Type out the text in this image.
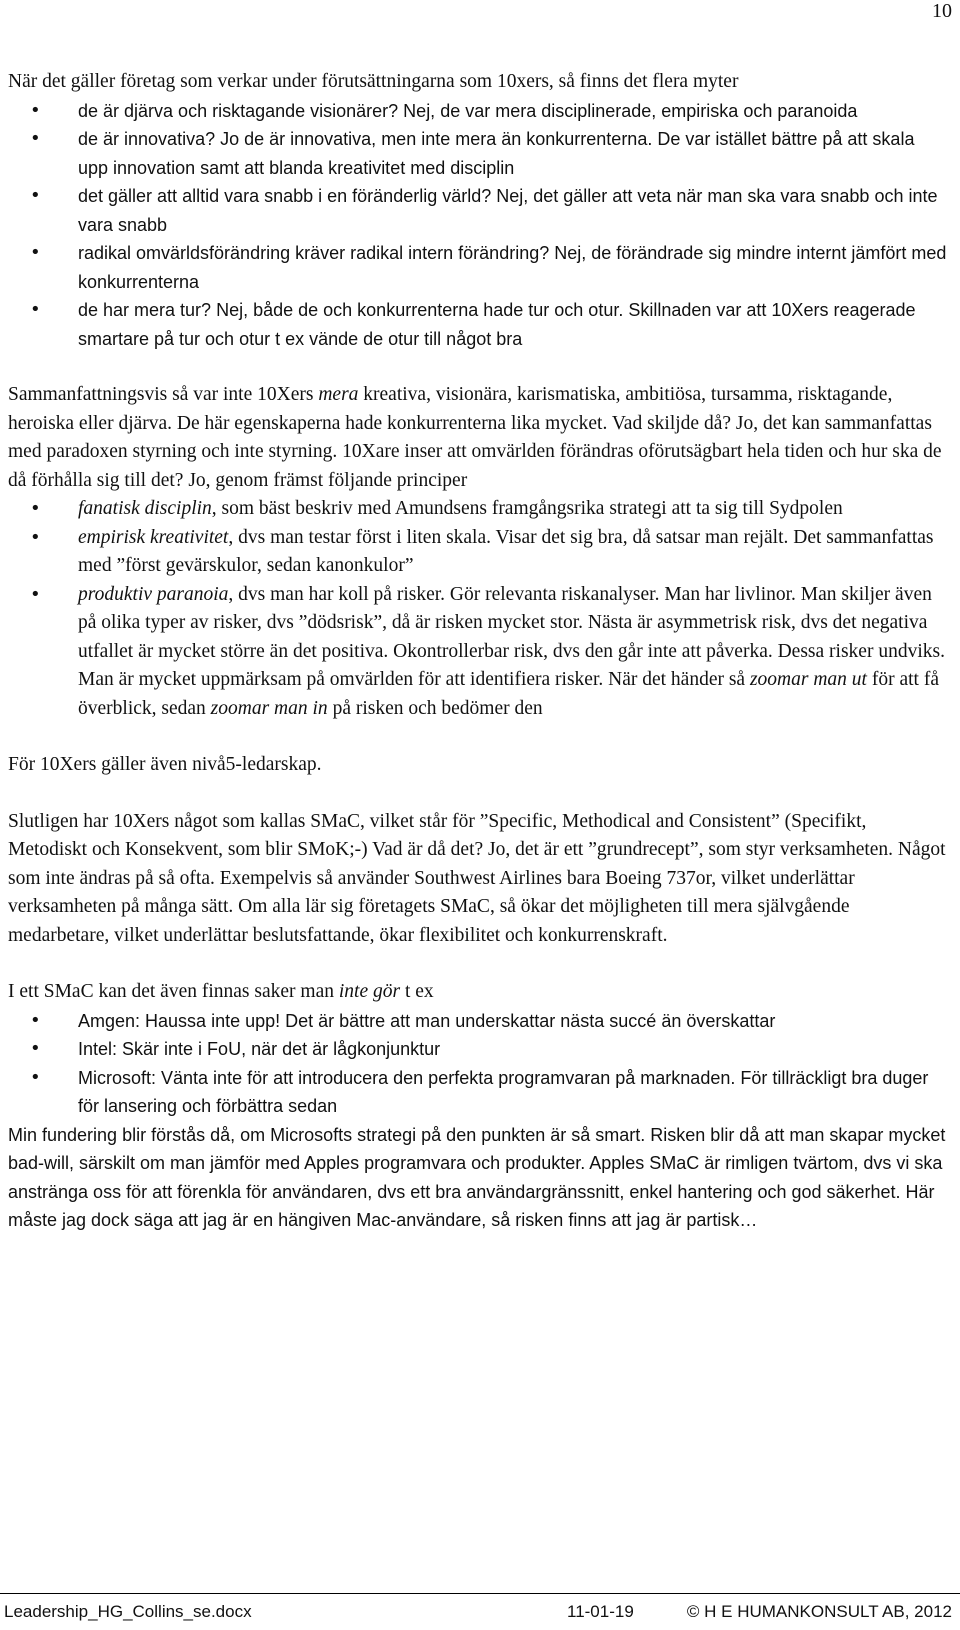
10

När det gäller företag som verkar under förutsättningarna som 10xers, så finns det flera myter

• de är djärva och risktagande visionärer? Nej, de var mera disciplinerade, empiriska och paranoida
• de är innovativa? Jo de är innovativa, men inte mera än konkurrenterna. De var istället bättre på att skala upp innovation samt att blanda kreativitet med disciplin
• det gäller att alltid vara snabb i en föränderlig värld? Nej, det gäller att veta när man ska vara snabb och inte vara snabb
• radikal omvärldsförändring kräver radikal intern förändring? Nej, de förändrade sig mindre internt jämfört med konkurrenterna
• de har mera tur? Nej, både de och konkurrenterna hade tur och otur. Skillnaden var att 10Xers reagerade smartare på tur och otur t ex vände de otur till något bra

Sammanfattningsvis så var inte 10Xers mera kreativa, visionära, karismatiska, ambitiösa, tursamma, risktagande, heroiska eller djärva. De här egenskaperna hade konkurrenterna lika mycket. Vad skiljde då? Jo, det kan sammanfattas med paradoxen styrning och inte styrning. 10Xare inser att omvärlden förändras oförutsägbart hela tiden och hur ska de då förhålla sig till det? Jo, genom främst följande principer

• fanatisk disciplin, som bäst beskriv med Amundsens framgångsrika strategi att ta sig till Sydpolen
• empirisk kreativitet, dvs man testar först i liten skala. Visar det sig bra, då satsar man rejält. Det sammanfattas med ”först gevärskulor, sedan kanonkulor”
• produktiv paranoia, dvs man har koll på risker. Gör relevanta riskanalyser. Man har livlinor. Man skiljer även på olika typer av risker, dvs ”dödsrisk”, då är risken mycket stor. Nästa är asymmetrisk risk, dvs det negativa utfallet är mycket större än det positiva. Okontrollerbar risk, dvs den går inte att påverka. Dessa risker undviks. Man är mycket uppmärksam på omvärlden för att identifiera risker. När det händer så zoomar man ut för att få överblick, sedan zoomar man in på risken och bedömer den

För 10Xers gäller även nivå5-ledarskap.

Slutligen har 10Xers något som kallas SMaC, vilket står för ”Specific, Methodical and Consistent” (Specifikt, Metodiskt och Konsekvent, som blir SMoK;-) Vad är då det? Jo, det är ett ”grundrecept”, som styr verksamheten. Något som inte ändras på så ofta. Exempelvis så använder Southwest Airlines bara Boeing 737or, vilket underlättar verksamheten på många sätt. Om alla lär sig företagets SMaC, så ökar det möjligheten till mera självgående medarbetare, vilket underlättar beslutsfattande, ökar flexibilitet och konkurrenskraft.

I ett SMaC kan det även finnas saker man inte gör t ex

• Amgen: Haussa inte upp! Det är bättre att man underskattar nästa succé än överskattar
• Intel: Skär inte i FoU, när det är lågkonjunktur
• Microsoft: Vänta inte för att introducera den perfekta programvaran på marknaden. För tillräckligt bra duger för lansering och förbättra sedan

Min fundering blir förstås då, om Microsofts strategi på den punkten är så smart. Risken blir då att man skapar mycket bad-will, särskilt om man jämför med Apples programvara och produkter. Apples SMaC är rimligen tvärtom, dvs vi ska anstränga oss för att förenkla för användaren, dvs ett bra användargränssnitt, enkel hantering och god säkerhet. Här måste jag dock säga att jag är en hängiven Mac-användare, så risken finns att jag är partisk…

Leadership_HG_Collins_se.docx	11-01-19	© H E HUMANKONSULT AB, 2012
